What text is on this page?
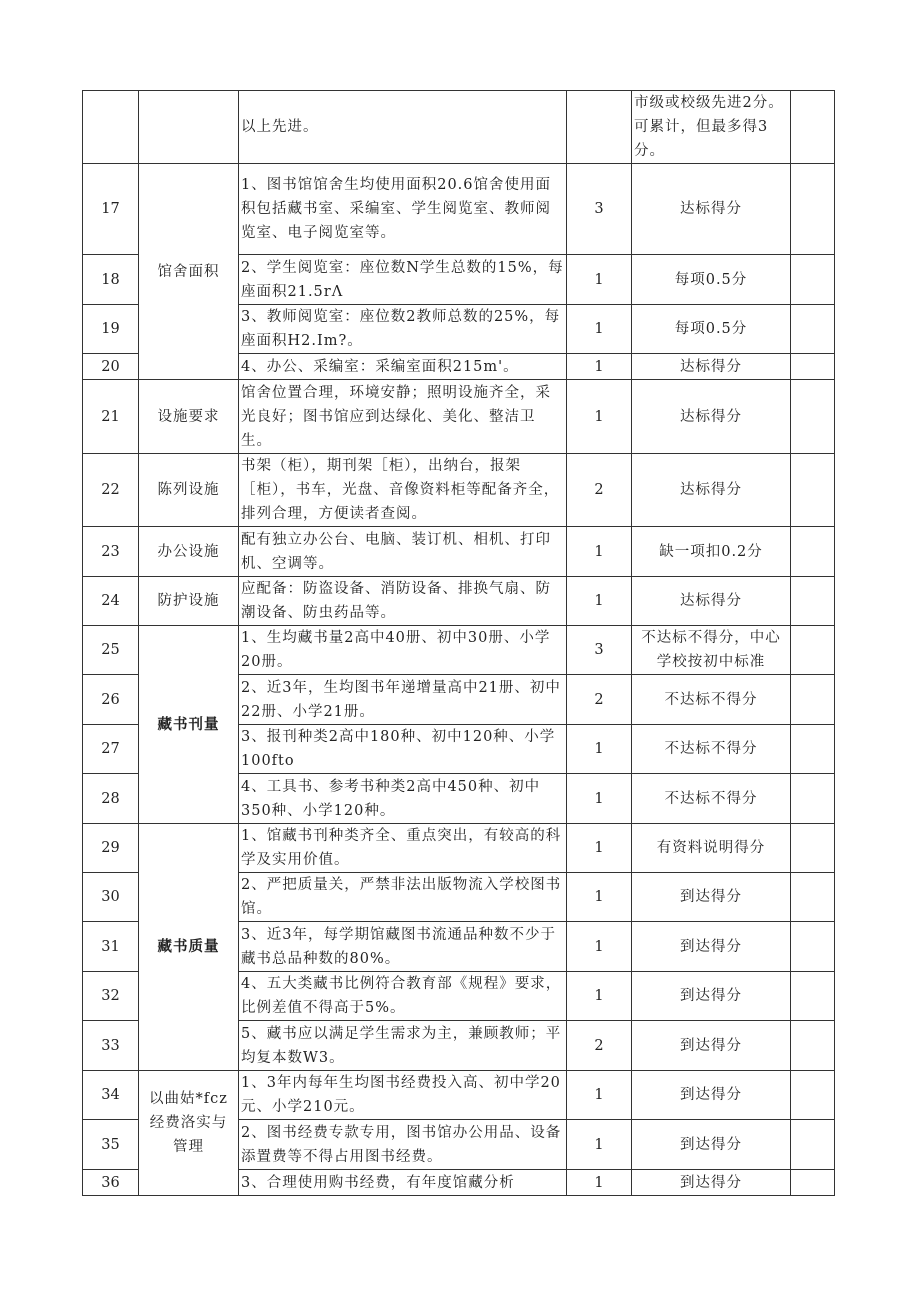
		以上先进。		市级或校级先进2分。可累计，但最多得3分。	
17	馆舍面积	1、图书馆馆舍生均使用面积20.6馆舍使用面积包括藏书室、采编室、学生阅览室、教师阅览室、电子阅览室等。	3	达标得分	
18		2、学生阅览室：座位数N学生总数的15%，每座面积21.5rΛ	1	每项0.5分	
19		3、教师阅览室：座位数2教师总数的25%，每座面积H2.Im?。	1	每项0.5分	
20		4、办公、采编室：采编室面积215m'。	1	达标得分	
21	设施要求	馆舍位置合理，环境安静；照明设施齐全，采光良好；图书馆应到达绿化、美化、整洁卫生。	1	达标得分	
22	陈列设施	书架（柜），期刊架［柜），出纳台，报架［柜），书车，光盘、音像资料柜等配备齐全，排列合理，方便读者查阅。	2	达标得分	
23	办公设施	配有独立办公台、电脑、装订机、相机、打印机、空调等。	1	缺一项扣0.2分	
24	防护设施	应配备：防盗设备、消防设备、排换气扇、防潮设备、防虫药品等。	1	达标得分	
25	藏书刊量	1、生均藏书量2高中40册、初中30册、小学20册。	3	不达标不得分，中心学校按初中标准	
26		2、近3年，生均图书年递增量高中21册、初中22册、小学21册。	2	不达标不得分	
27		3、报刊种类2高中180种、初中120种、小学100fto	1	不达标不得分	
28		4、工具书、参考书种类2高中450种、初中350种、小学120种。	1	不达标不得分	
29	藏书质量	1、馆藏书刊种类齐全、重点突出，有较高的科学及实用价值。	1	有资料说明得分	
30		2、严把质量关，严禁非法出版物流入学校图书馆。	1	到达得分	
31		3、近3年，每学期馆藏图书流通品种数不少于藏书总品种数的80%。	1	到达得分	
32		4、五大类藏书比例符合教育部《规程》要求，比例差值不得高于5%。	1	到达得分	
33		5、藏书应以满足学生需求为主，兼顾教师；平均复本数W3。	2	到达得分	
34	以曲姑*fcz
经费洛实与
管理	1、3年内每年生均图书经费投入高、初中学20元、小学210元。	1	到达得分	
35		2、图书经费专款专用，图书馆办公用品、设备添置费等不得占用图书经费。	1	到达得分	
36		3、合理使用购书经费，有年度馆藏分析	1	到达得分	
